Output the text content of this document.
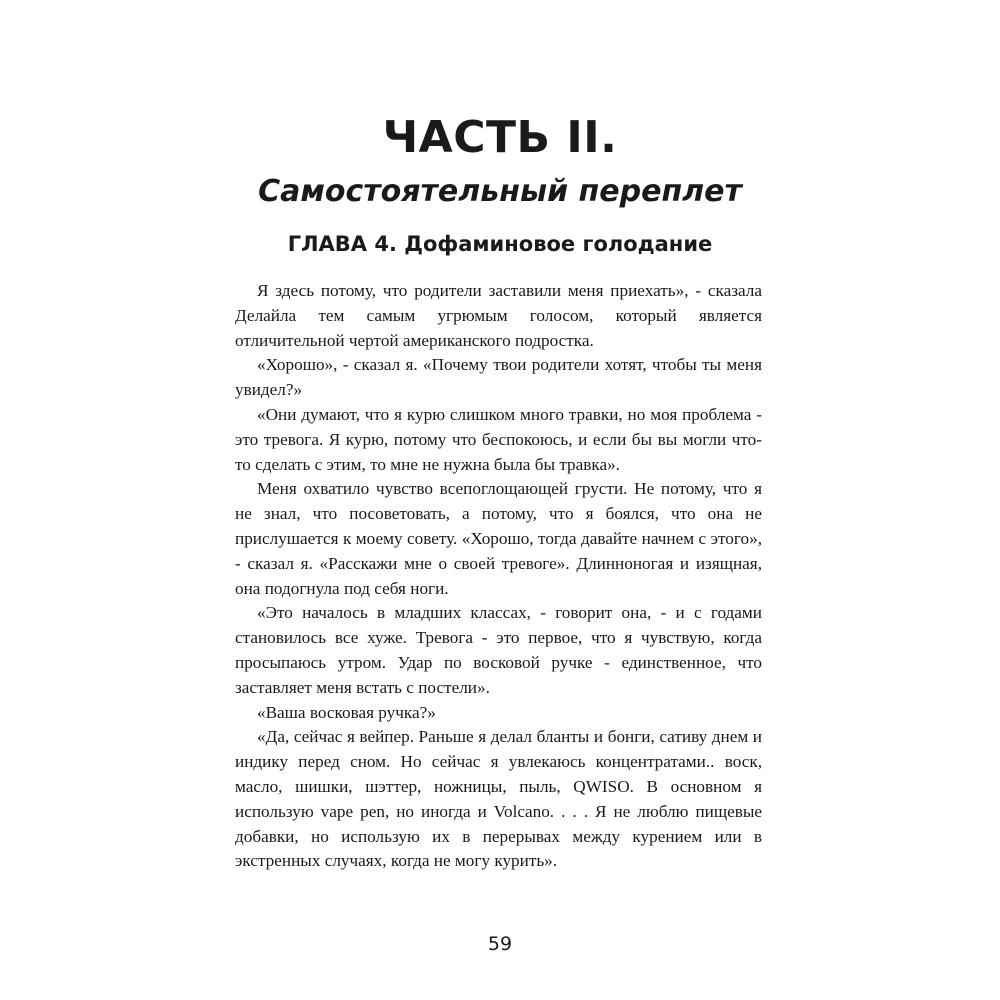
ЧАСТЬ II.
Самостоятельный переплет
ГЛАВА 4. Дофаминовое голодание

Я здесь потому, что родители заставили меня приехать», - сказала Делайла тем самым угрюмым голосом, который является отличительной чертой американского подростка.

«Хорошо», - сказал я. «Почему твои родители хотят, чтобы ты меня увидел?»

«Они думают, что я курю слишком много травки, но моя проблема - это тревога. Я курю, потому что беспокоюсь, и если бы вы могли что-то сделать с этим, то мне не нужна была бы травка».

Меня охватило чувство всепоглощающей грусти. Не потому, что я не знал, что посоветовать, а потому, что я боялся, что она не прислушается к моему совету. «Хорошо, тогда давайте начнем с этого», - сказал я. «Расскажи мне о своей тревоге». Длинноногая и изящная, она подогнула под себя ноги.

«Это началось в младших классах, - говорит она, - и с годами становилось все хуже. Тревога - это первое, что я чувствую, когда просыпаюсь утром. Удар по восковой ручке - единственное, что заставляет меня встать с постели».

«Ваша восковая ручка?»

«Да, сейчас я вейпер. Раньше я делал бланты и бонги, сативу днем и индику перед сном. Но сейчас я увлекаюсь концентратами.. воск, масло, шишки, шэттер, ножницы, пыль, QWISO. В основном я использую vape pen, но иногда и Volcano. . . . Я не люблю пищевые добавки, но использую их в перерывах между курением или в экстренных случаях, когда не могу курить».

59
